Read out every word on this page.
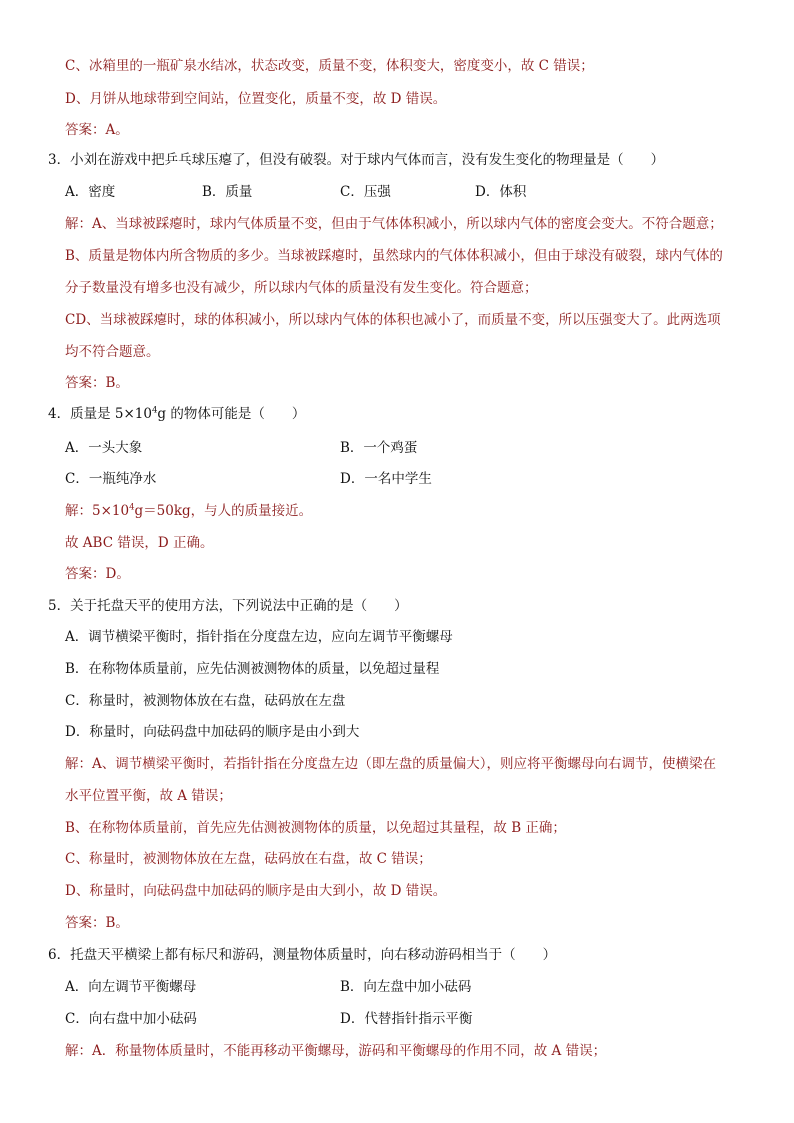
C、冰箱里的一瓶矿泉水结冰，状态改变，质量不变，体积变大，密度变小，故 C 错误；
D、月饼从地球带到空间站，位置变化，质量不变，故 D 错误。
答案：A。
3．小刘在游戏中把乒乓球压瘪了，但没有破裂。对于球内气体而言，没有发生变化的物理量是（　　）
A．密度	B．质量	C．压强	D．体积
解：A、当球被踩瘪时，球内气体质量不变，但由于气体体积减小，所以球内气体的密度会变大。不符合题意；
B、质量是物体内所含物质的多少。当球被踩瘪时，虽然球内的气体体积减小，但由于球没有破裂，球内气体的
分子数量没有增多也没有减少，所以球内气体的质量没有发生变化。符合题意；
CD、当球被踩瘪时，球的体积减小，所以球内气体的体积也减小了，而质量不变，所以压强变大了。此两选项
均不符合题意。
答案：B。
4．质量是 $5\times 10^4g$ 的物体可能是（　　）
A．一头大象	B．一个鸡蛋
C．一瓶纯净水	D．一名中学生
解：$5\times 10^4g=50kg$，与人的质量接近。
故 ABC 错误，D 正确。
答案：D。
5．关于托盘天平的使用方法，下列说法中正确的是（　　）
A．调节横梁平衡时，指针指在分度盘左边，应向左调节平衡螺母
B．在称物体质量前，应先估测被测物体的质量，以免超过量程
C．称量时，被测物体放在右盘，砝码放在左盘
D．称量时，向砝码盘中加砝码的顺序是由小到大
解：A、调节横梁平衡时，若指针指在分度盘左边（即左盘的质量偏大），则应将平衡螺母向右调节，使横梁在
水平位置平衡，故 A 错误；
B、在称物体质量前，首先应先估测被测物体的质量，以免超过其量程，故 B 正确；
C、称量时，被测物体放在左盘，砝码放在右盘，故 C 错误；
D、称量时，向砝码盘中加砝码的顺序是由大到小，故 D 错误。
答案：B。
6．托盘天平横梁上都有标尺和游码，测量物体质量时，向右移动游码相当于（　　）
A．向左调节平衡螺母	B．向左盘中加小砝码
C．向右盘中加小砝码	D．代替指针指示平衡
解：A．称量物体质量时，不能再移动平衡螺母，游码和平衡螺母的作用不同，故 A 错误；
